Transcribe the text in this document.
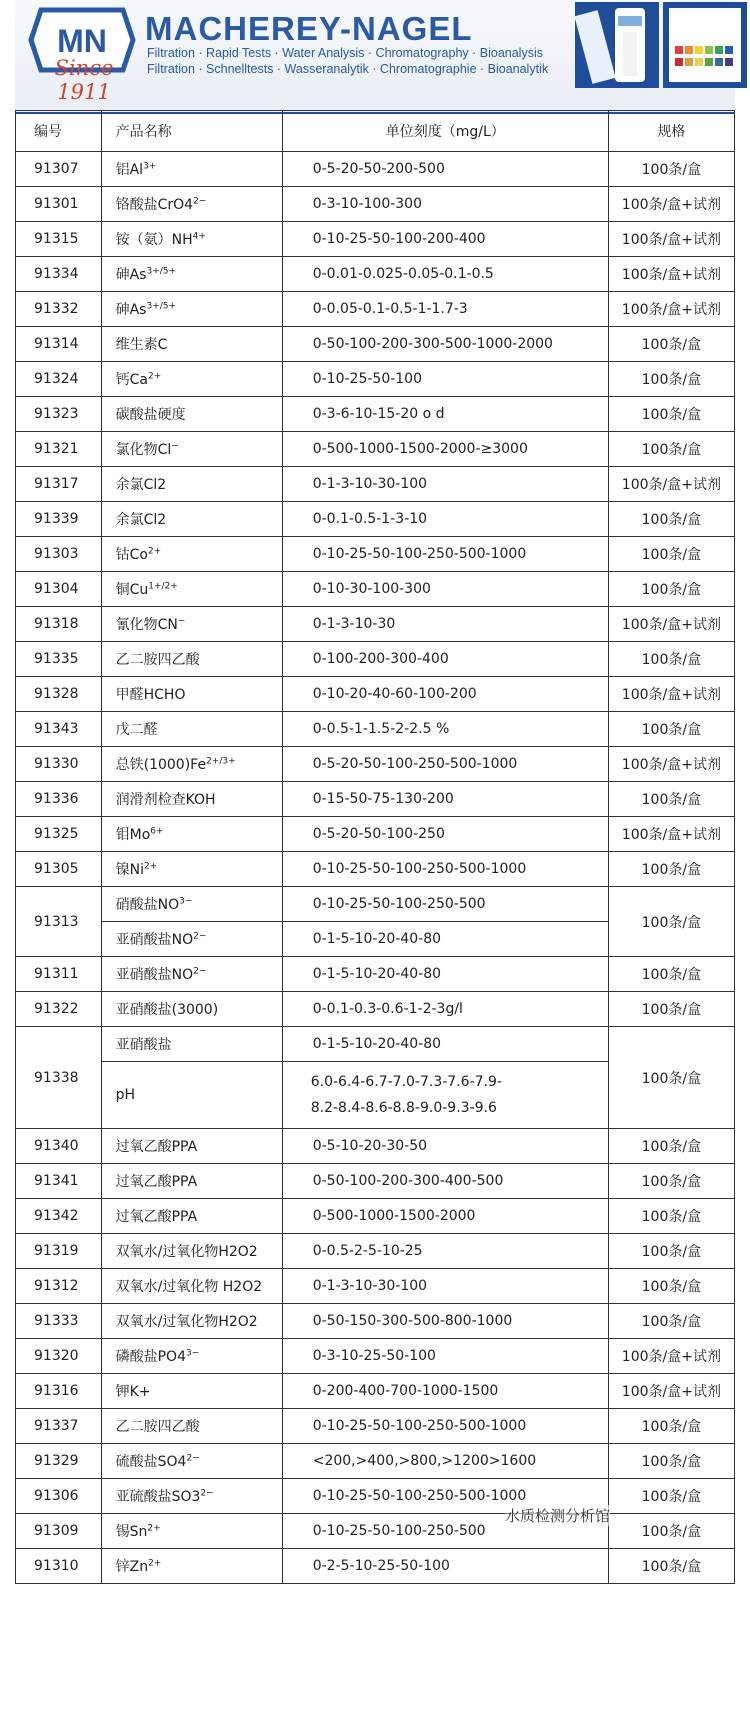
MN
Since 1911
MACHEREY-NAGEL
Filtration · Rapid Tests · Water Analysis · Chromatography · Bioanalysis
Filtration · Schnelltests · Wasseranalytik · Chromatographie · Bioanalytik
编号	产品名称	单位刻度（mg/L）	规格
91307	铝$Al^{3+}$	0-5-20-50-200-500	100条/盒
91301	铬酸盐$CrO4^{2-}$	0-3-10-100-300	100条/盒+试剂
91315	铵（氨）$NH^{4+}$	0-10-25-50-100-200-400	100条/盒+试剂
91334	砷$As^{3+/5+}$	0-0.01-0.025-0.05-0.1-0.5	100条/盒+试剂
91332	砷$As^{3+/5+}$	0-0.05-0.1-0.5-1-1.7-3	100条/盒+试剂
91314	维生素C	0-50-100-200-300-500-1000-2000	100条/盒
91324	钙$Ca^{2+}$	0-10-25-50-100	100条/盒
91323	碳酸盐硬度	0-3-6-10-15-20 o d	100条/盒
91321	氯化物Cl−	0-500-1000-1500-2000-≥3000	100条/盒
91317	余氯Cl2	0-1-3-10-30-100	100条/盒+试剂
91339	余氯Cl2	0-0.1-0.5-1-3-10	100条/盒
91303	钴$Co^{2+}$	0-10-25-50-100-250-500-1000	100条/盒
91304	铜$Cu^{1+/2+}$	0-10-30-100-300	100条/盒
91318	氰化物CN−	0-1-3-10-30	100条/盒+试剂
91335	乙二胺四乙酸	0-100-200-300-400	100条/盒
91328	甲醛HCHO	0-10-20-40-60-100-200	100条/盒+试剂
91343	戊二醛	0-0.5-1-1.5-2-2.5 %	100条/盒
91330	总铁$(1000)Fe^{2+/3+}$	0-5-20-50-100-250-500-1000	100条/盒+试剂
91336	润滑剂检查KOH	0-15-50-75-130-200	100条/盒
91325	钼$Mo^{6+}$	0-5-20-50-100-250	100条/盒+试剂
91305	镍$Ni^{2+}$	0-10-25-50-100-250-500-1000	100条/盒
91313	硝酸盐$NO^{3-}$	0-10-25-50-100-250-500	100条/盒
	亚硝酸盐$NO^{2-}$	0-1-5-10-20-40-80	
91311	亚硝酸盐$NO^{2-}$	0-1-5-10-20-40-80	100条/盒
91322	亚硝酸盐(3000)	0-0.1-0.3-0.6-1-2-3g/l	100条/盒
91338	亚硝酸盐	0-1-5-10-20-40-80	100条/盒
	pH	6.0-6.4-6.7-7.0-7.3-7.6-7.9-
8.2-8.4-8.6-8.8-9.0-9.3-9.6	

91340	过氧乙酸PPA	0-5-10-20-30-50	100条/盒
91341	过氧乙酸PPA	0-50-100-200-300-400-500	100条/盒
91342	过氧乙酸PPA	0-500-1000-1500-2000	100条/盒
91319	双氧水/过氧化物H2O2	0-0.5-2-5-10-25	100条/盒
91312	双氧水/过氧化物 H2O2	0-1-3-10-30-100	100条/盒
91333	双氧水/过氧化物H2O2	0-50-150-300-500-800-1000	100条/盒
91320	磷酸盐$PO4^{3-}$	0-3-10-25-50-100	100条/盒+试剂
91316	钾K+	0-200-400-700-1000-1500	100条/盒+试剂
91337	乙二胺四乙酸	0-10-25-50-100-250-500-1000	100条/盒
91329	硫酸盐$SO4^{2-}$	<200,>400,>800,>1200>1600	100条/盒
91306	亚硫酸盐$SO3^{2-}$	0-10-25-50-100-250-500-1000	100条/盒
91309	锡$Sn^{2+}$	0-10-25-50-100-250-500	100条/盒
91310	锌$Zn^{2+}$	0-2-5-10-25-50-100	100条/盒
水质检测分析馆
